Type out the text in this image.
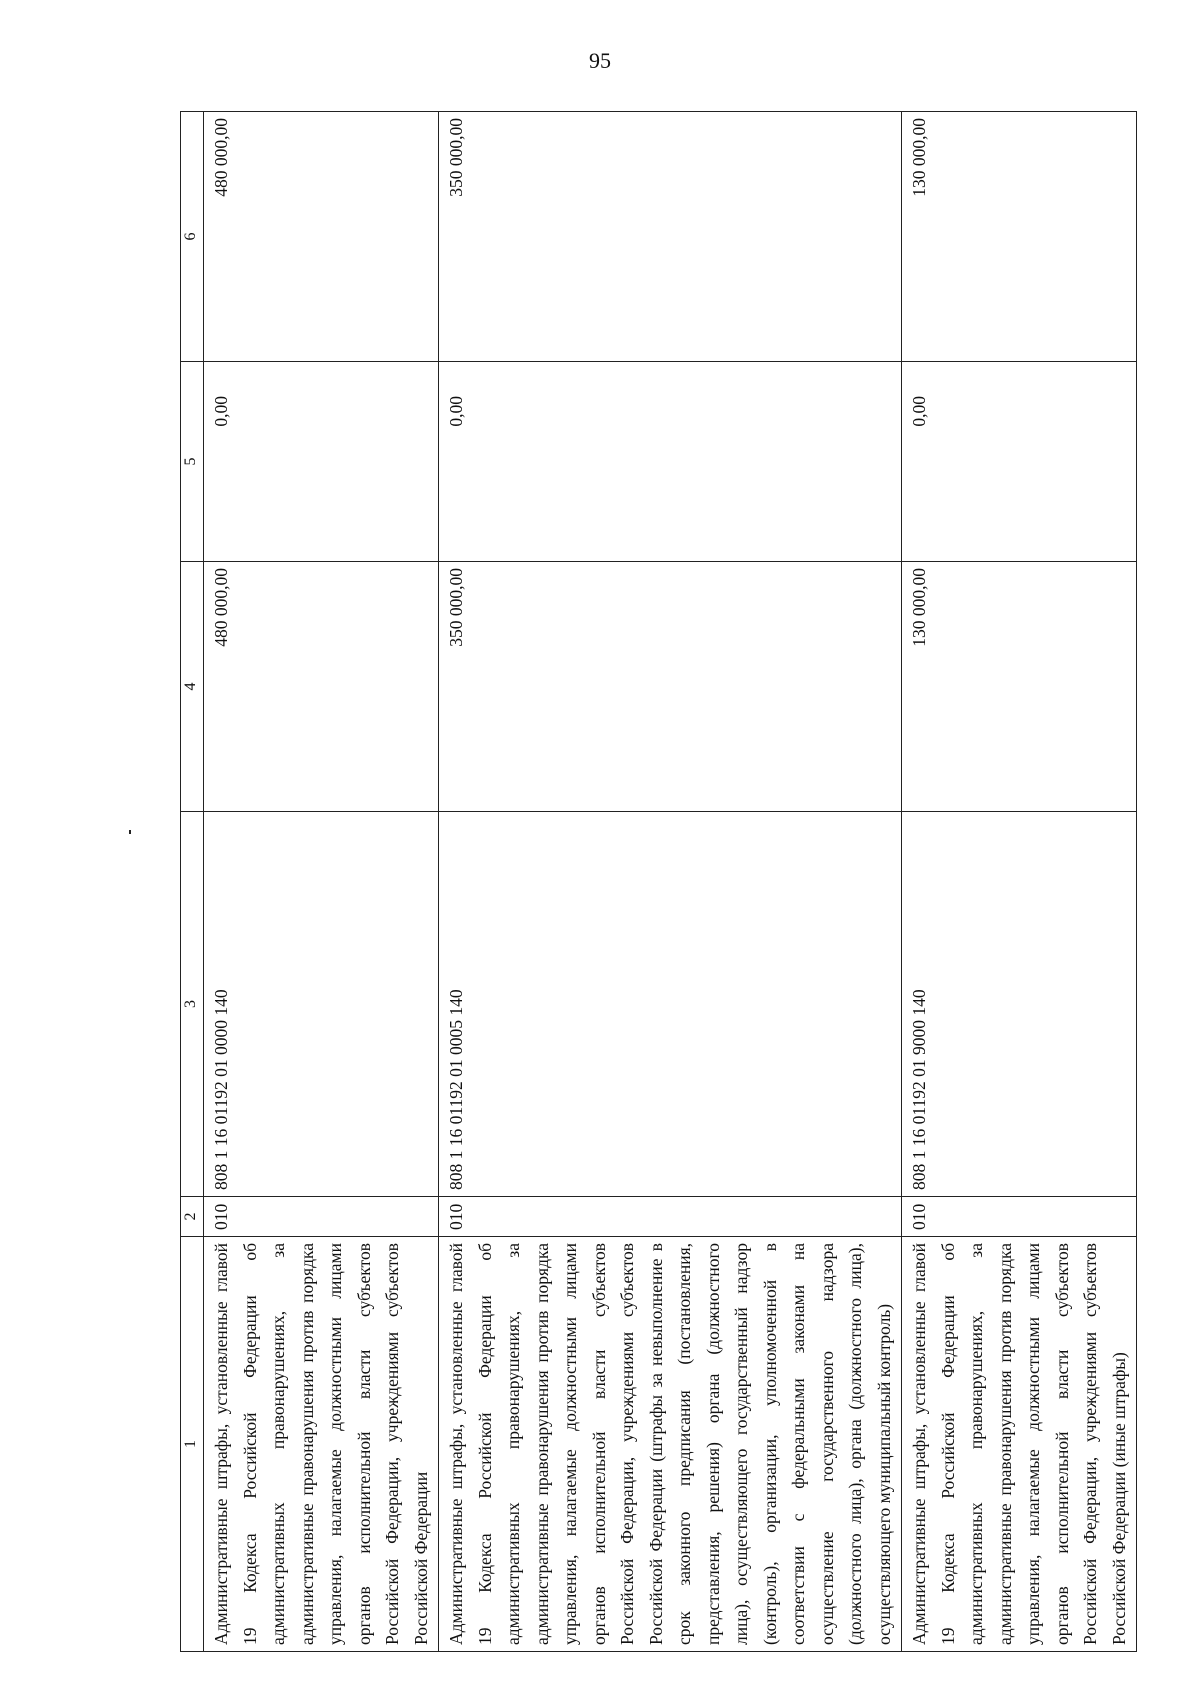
95
1	2	3	4	5	6
Административные штрафы, установленные главой 19 Кодекса Российской Федерации об административных правонарушениях, за административные правонарушения против порядка управления, налагаемые должностными лицами органов исполнительной власти субъектов Российской Федерации, учреждениями субъектов Российской Федерации	010	808 1 16 01192 01 0000 140	480 000,00	0,00	480 000,00
Административные штрафы, установленные главой 19 Кодекса Российской Федерации об административных правонарушениях, за административные правонарушения против порядка управления, налагаемые должностными лицами органов исполнительной власти субъектов Российской Федерации, учреждениями субъектов Российской Федерации (штрафы за невыполнение в срок законного предписания (постановления, представления, решения) органа (должностного лица), осуществляющего государственный надзор (контроль), организации, уполномоченной в соответствии с федеральными законами на осуществление государственного надзора (должностного лица), органа (должностного лица), осуществляющего муниципальный контроль)	010	808 1 16 01192 01 0005 140	350 000,00	0,00	350 000,00
Административные штрафы, установленные главой 19 Кодекса Российской Федерации об административных правонарушениях, за административные правонарушения против порядка управления, налагаемые должностными лицами органов исполнительной власти субъектов Российской Федерации, учреждениями субъектов Российской Федерации (иные штрафы)	010	808 1 16 01192 01 9000 140	130 000,00	0,00	130 000,00
